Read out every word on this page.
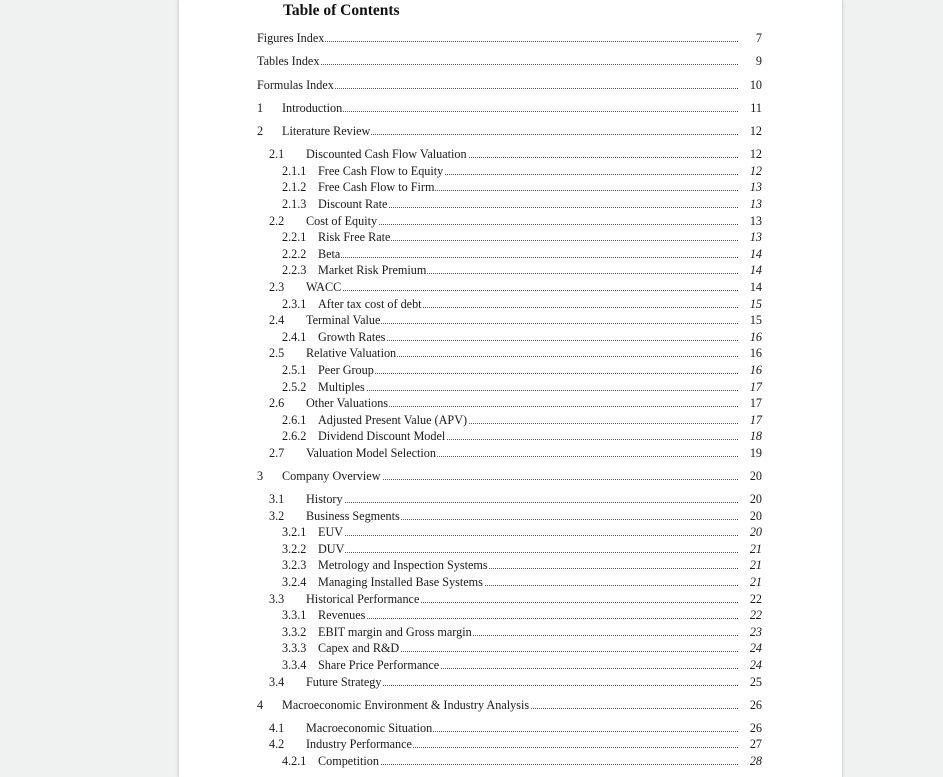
Table of Contents
Figures Index	7
Tables Index	9
Formulas Index	10
1 Introduction	11
2 Literature Review	12
2.1 Discounted Cash Flow Valuation	12
2.1.1 Free Cash Flow to Equity	12
2.1.2 Free Cash Flow to Firm	13
2.1.3 Discount Rate	13
2.2 Cost of Equity	13
2.2.1 Risk Free Rate	13
2.2.2 Beta	14
2.2.3 Market Risk Premium	14
2.3 WACC	14
2.3.1 After tax cost of debt	15
2.4 Terminal Value	15
2.4.1 Growth Rates	16
2.5 Relative Valuation	16
2.5.1 Peer Group	16
2.5.2 Multiples	17
2.6 Other Valuations	17
2.6.1 Adjusted Present Value (APV)	17
2.6.2 Dividend Discount Model	18
2.7 Valuation Model Selection	19
3 Company Overview	20
3.1 History	20
3.2 Business Segments	20
3.2.1 EUV	20
3.2.2 DUV	21
3.2.3 Metrology and Inspection Systems	21
3.2.4 Managing Installed Base Systems	21
3.3 Historical Performance	22
3.3.1 Revenues	22
3.3.2 EBIT margin and Gross margin	23
3.3.3 Capex and R&D	24
3.3.4 Share Price Performance	24
3.4 Future Strategy	25
4 Macroeconomic Environment & Industry Analysis	26
4.1 Macroeconomic Situation	26
4.2 Industry Performance	27
4.2.1 Competition	28
